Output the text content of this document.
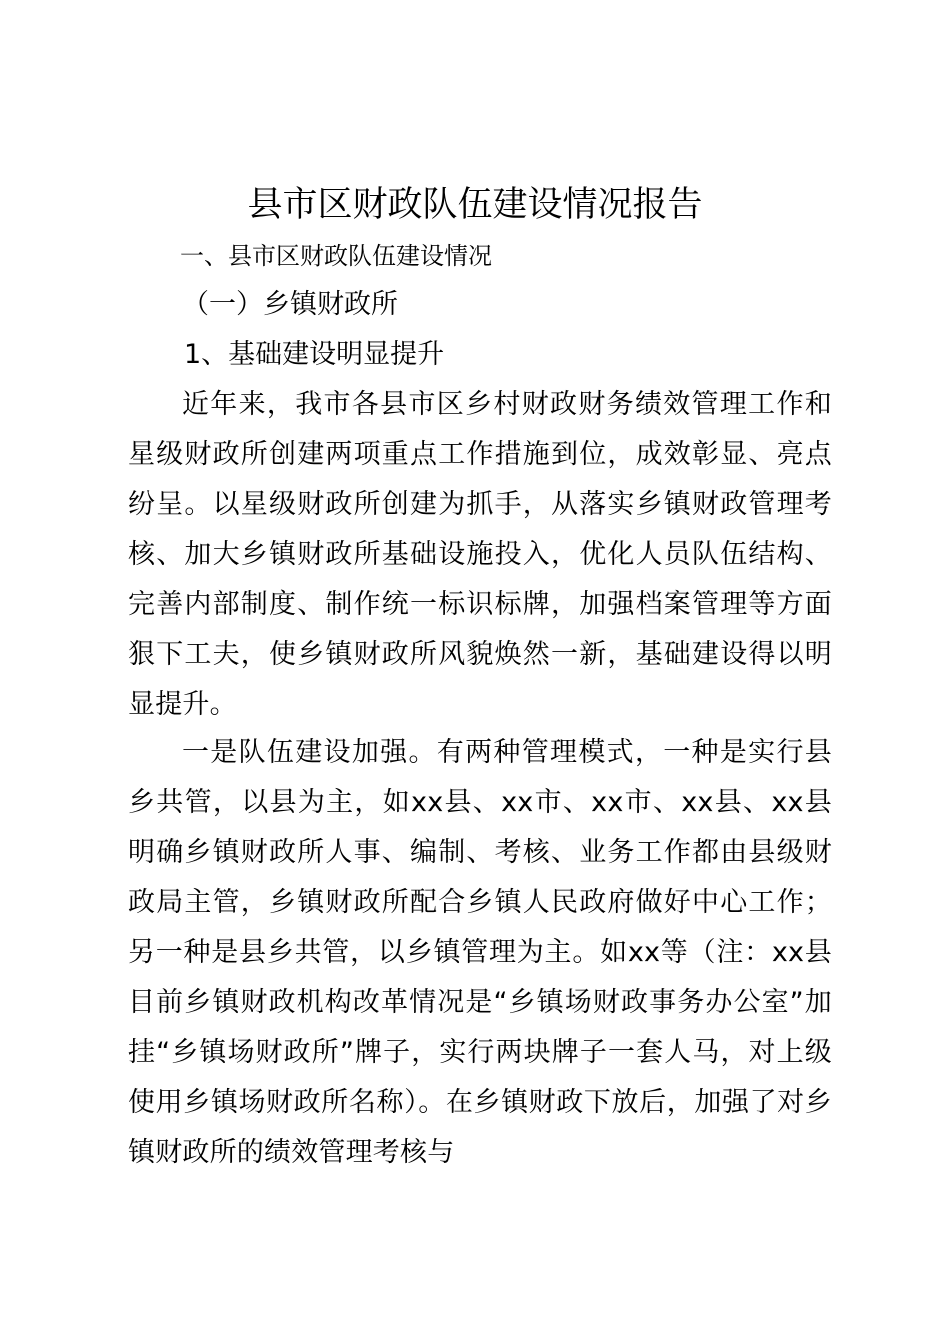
县市区财政队伍建设情况报告
一、县市区财政队伍建设情况
（一）乡镇财政所
1、基础建设明显提升

近年来，我市各县市区乡村财政财务绩效管理工作和星级财政所创建两项重点工作措施到位，成效彰显、亮点纷呈。以星级财政所创建为抓手，从落实乡镇财政管理考核、加大乡镇财政所基础设施投入，优化人员队伍结构、完善内部制度、制作统一标识标牌，加强档案管理等方面狠下工夫，使乡镇财政所风貌焕然一新，基础建设得以明显提升。

一是队伍建设加强。有两种管理模式，一种是实行县乡共管，以县为主，如xx县、xx市、xx市、xx县、xx县明确乡镇财政所人事、编制、考核、业务工作都由县级财政局主管，乡镇财政所配合乡镇人民政府做好中心工作；另一种是县乡共管，以乡镇管理为主。如xx等（注：xx县目前乡镇财政机构改革情况是“乡镇场财政事务办公室”加挂“乡镇场财政所”牌子，实行两块牌子一套人马，对上级使用乡镇场财政所名称）。在乡镇财政下放后，加强了对乡镇财政所的绩效管理考核与
